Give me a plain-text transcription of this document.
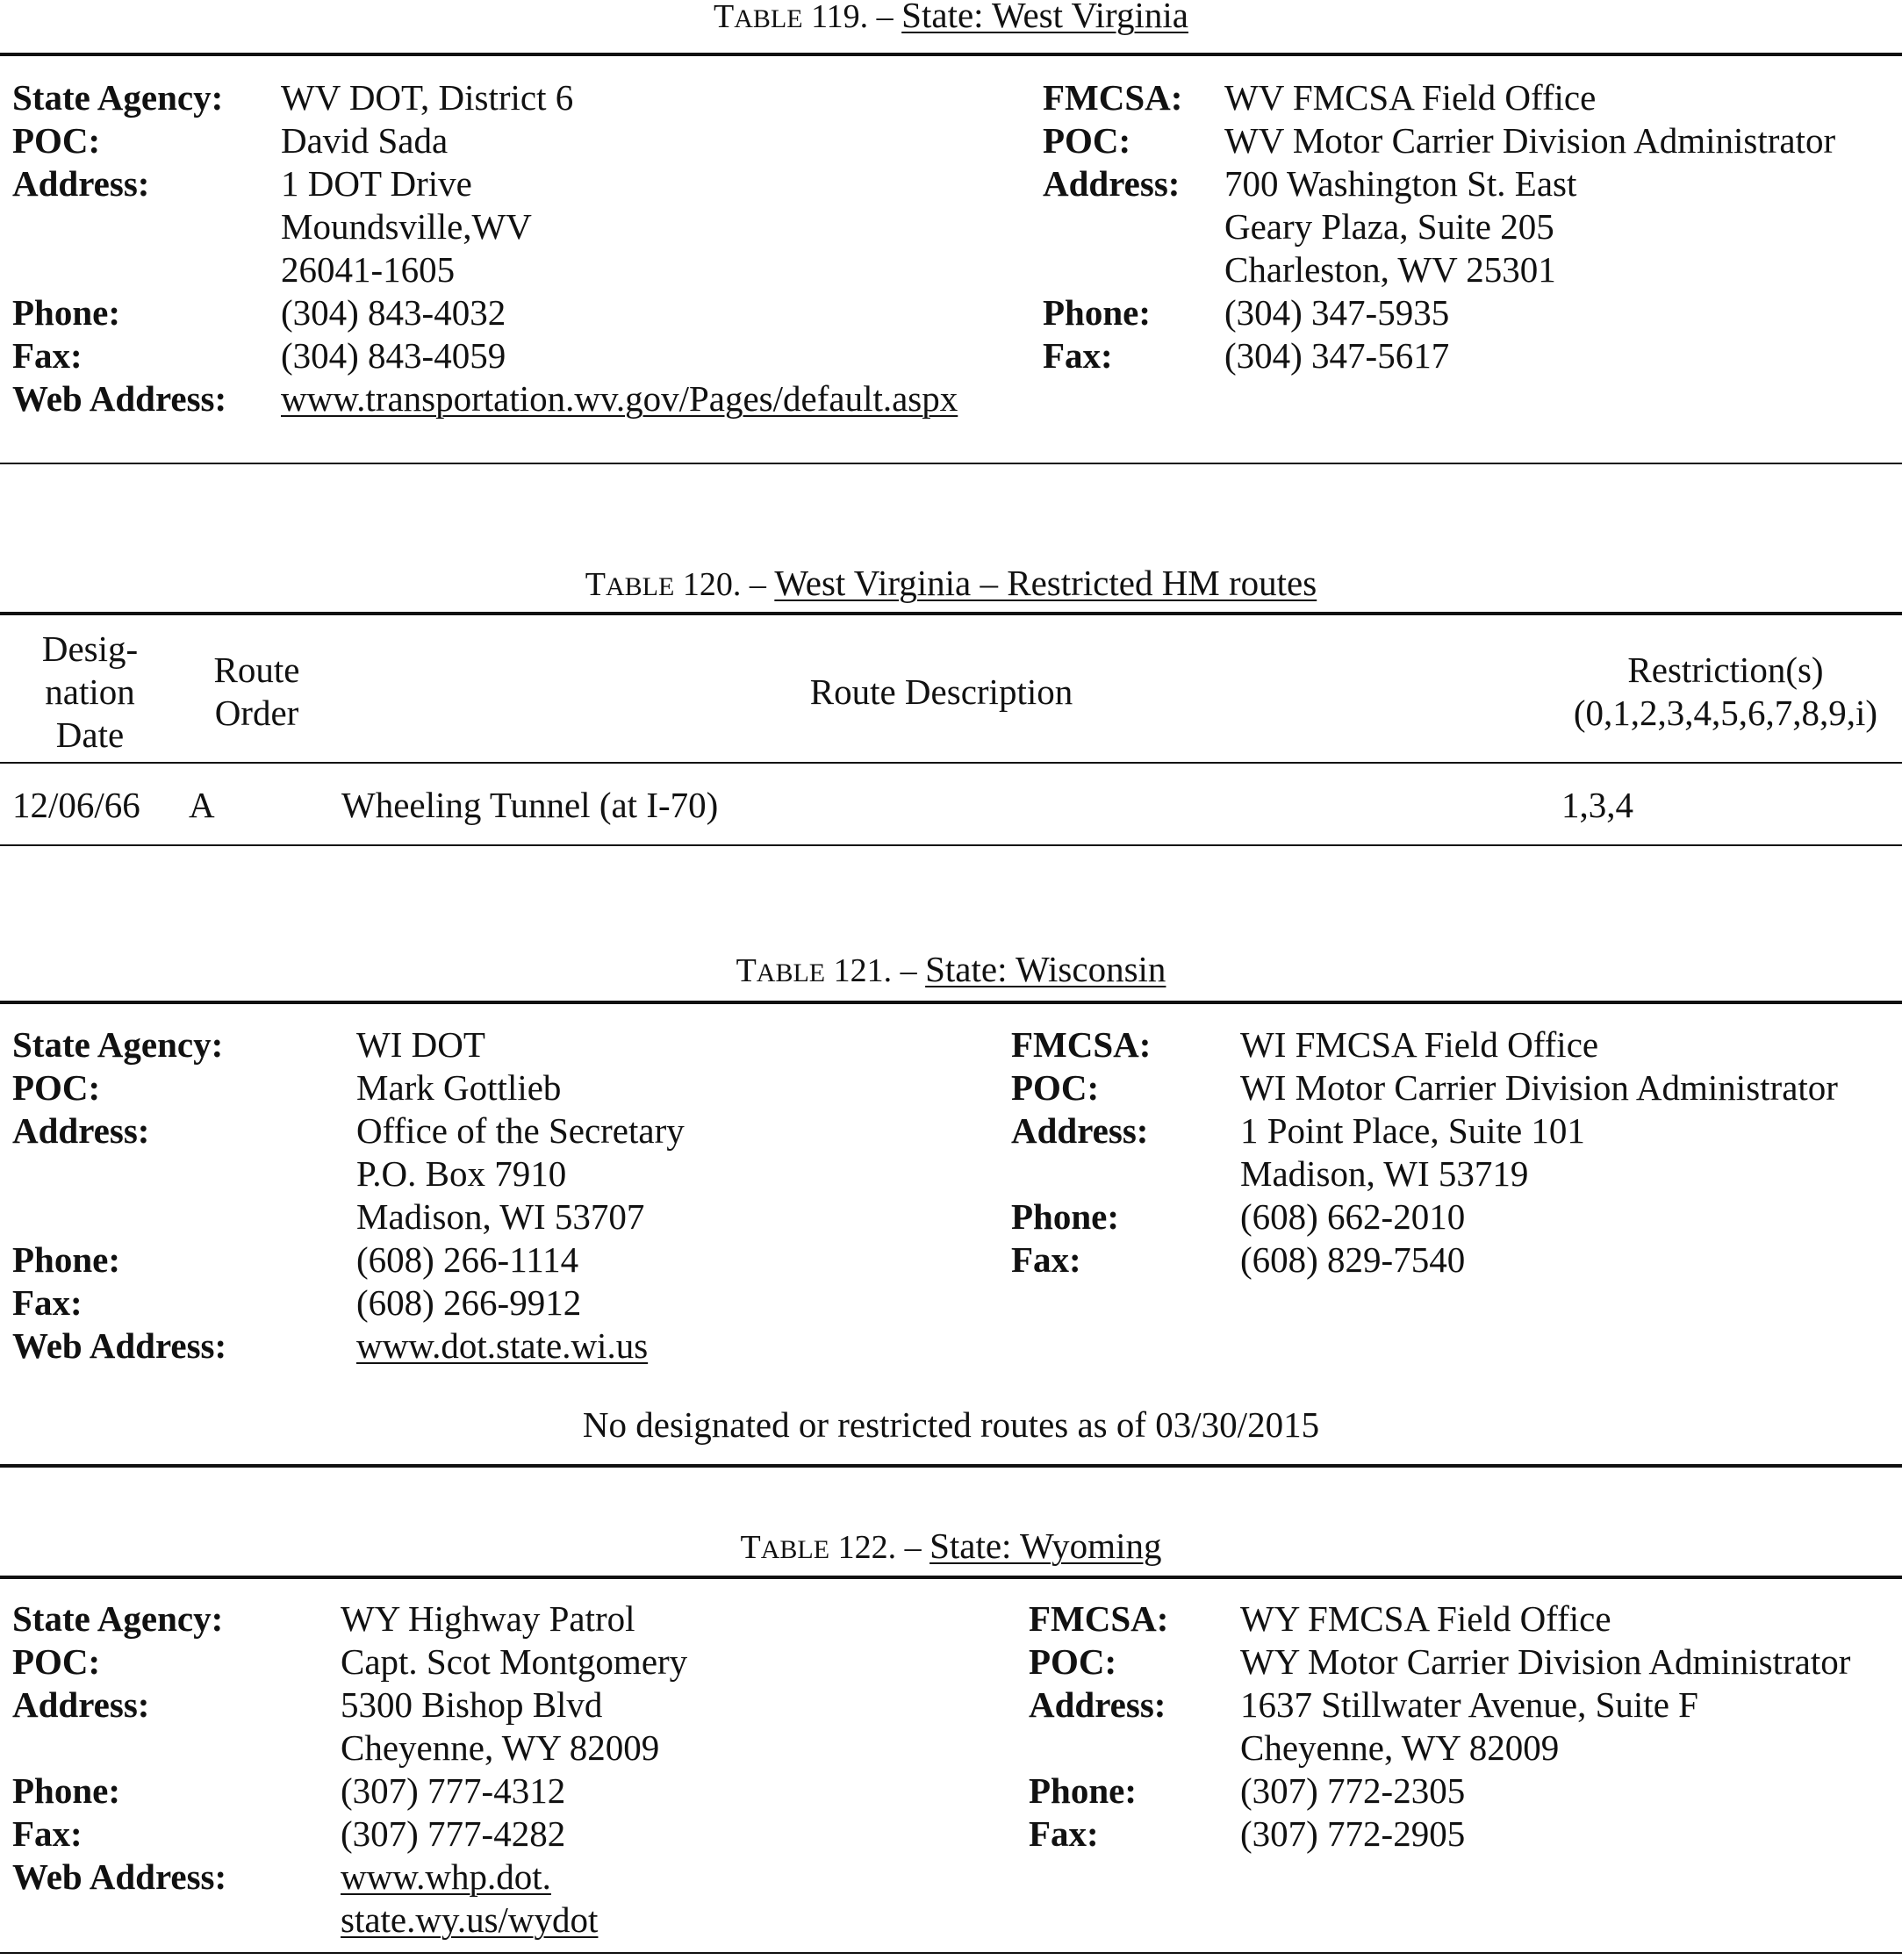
TABLE 119. – State: West Virginia
State Agency:
POC:
Address:
Phone:
Fax:
Web Address:
WV DOT, District 6
David Sada
1 DOT Drive
Moundsville,WV
26041-1605
(304) 843-4032
(304) 843-4059
www.transportation.wv.gov/Pages/default.aspx
FMCSA:
POC:
Address:
Phone:
Fax:
WV FMCSA Field Office
WV Motor Carrier Division Administrator
700 Washington St. East
Geary Plaza, Suite 205
Charleston, WV 25301
(304) 347-5935
(304) 347-5617
TABLE 120. – West Virginia – Restricted HM routes
Desig-
nation
Date
Route
Order
Route Description
Restriction(s)
(0,1,2,3,4,5,6,7,8,9,i)
12/06/66 A	Wheeling Tunnel (at I-70)	1,3,4
TABLE 121. – State: Wisconsin
State Agency:
POC:
Address:
Phone:
Fax:
Web Address:
WI DOT
Mark Gottlieb
Office of the Secretary
P.O. Box 7910
Madison, WI 53707
(608) 266-1114
(608) 266-9912
www.dot.state.wi.us
FMCSA:
POC:
Address:
Phone:
Fax:
WI FMCSA Field Office
WI Motor Carrier Division Administrator
1 Point Place, Suite 101
Madison, WI 53719
(608) 662-2010
(608) 829-7540
No designated or restricted routes as of 03/30/2015
TABLE 122. – State: Wyoming
State Agency:
POC:
Address:
Phone:
Fax:
Web Address:
WY Highway Patrol
Capt. Scot Montgomery
5300 Bishop Blvd
Cheyenne, WY 82009
(307) 777-4312
(307) 777-4282
www.whp.dot.
state.wy.us/wydot
FMCSA:
POC:
Address:
Phone:
Fax:
WY FMCSA Field Office
WY Motor Carrier Division Administrator
1637 Stillwater Avenue, Suite F
Cheyenne, WY 82009
(307) 772-2305
(307) 772-2905
